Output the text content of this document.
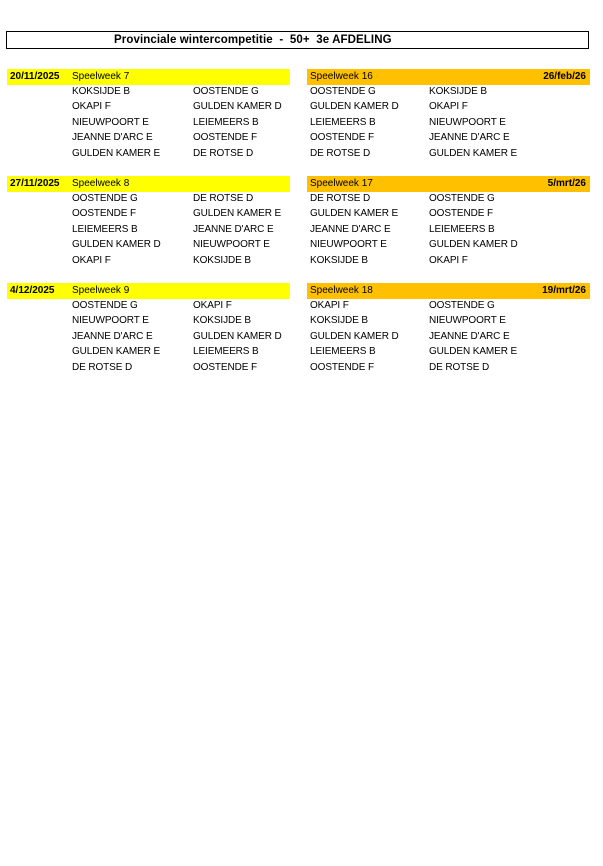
Provinciale wintercompetitie  -  50+  3e AFDELING
20/11/2025 Speelweek 7
KOKSIJDE B	OOSTENDE G
OKAPI F	GULDEN KAMER D
NIEUWPOORT E	LEIEMEERS B
JEANNE D'ARC E	OOSTENDE F
GULDEN KAMER E	DE ROTSE D
27/11/2025 Speelweek 8
OOSTENDE G	DE ROTSE D
OOSTENDE F	GULDEN KAMER E
LEIEMEERS B	JEANNE D'ARC E
GULDEN KAMER D	NIEUWPOORT E
OKAPI F	KOKSIJDE B
4/12/2025 Speelweek 9
OOSTENDE G	OKAPI F
NIEUWPOORT E	KOKSIJDE B
JEANNE D'ARC E	GULDEN KAMER D
GULDEN KAMER E	LEIEMEERS B
DE ROTSE D	OOSTENDE F
26/feb/26
Speelweek 16
OOSTENDE G	KOKSIJDE B
GULDEN KAMER D	OKAPI F
LEIEMEERS B	NIEUWPOORT E
OOSTENDE F	JEANNE D'ARC E
DE ROTSE D	GULDEN KAMER E
5/mrt/26
Speelweek 17
DE ROTSE D	OOSTENDE G
GULDEN KAMER E	OOSTENDE F
JEANNE D'ARC E	LEIEMEERS B
NIEUWPOORT E	GULDEN KAMER D
KOKSIJDE B	OKAPI F
19/mrt/26
Speelweek 18
OKAPI F	OOSTENDE G
KOKSIJDE B	NIEUWPOORT E
GULDEN KAMER D	JEANNE D'ARC E
LEIEMEERS B	GULDEN KAMER E
OOSTENDE F	DE ROTSE D
